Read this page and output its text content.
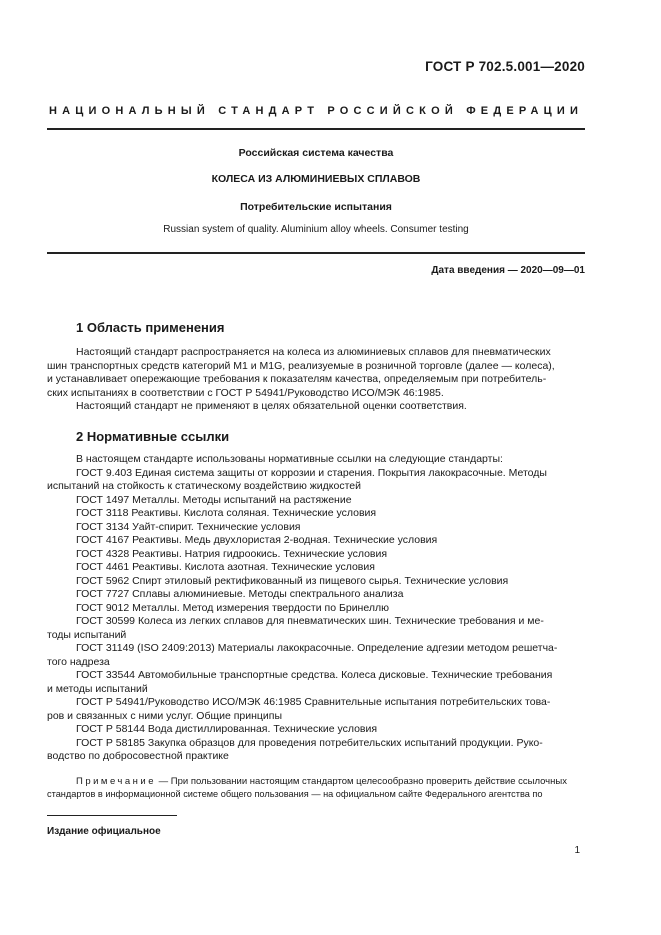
ГОСТ Р 702.5.001—2020
НАЦИОНАЛЬНЫЙ СТАНДАРТ РОССИЙСКОЙ ФЕДЕРАЦИИ
Российская система качества
КОЛЕСА ИЗ АЛЮМИНИЕВЫХ СПЛАВОВ
Потребительские испытания
Russian system of quality. Aluminium alloy wheels. Consumer testing
Дата введения — 2020—09—01
1 Область применения
Настоящий стандарт распространяется на колеса из алюминиевых сплавов для пневматических
шин транспортных средств категорий М1 и M1G, реализуемые в розничной торговле (далее — колеса),
и устанавливает опережающие требования к показателям качества, определяемым при потребитель-
ских испытаниях в соответствии с ГОСТ Р 54941/Руководство ИСО/МЭК 46:1985.
Настоящий стандарт не применяют в целях обязательной оценки соответствия.
2 Нормативные ссылки
В настоящем стандарте использованы нормативные ссылки на следующие стандарты:
ГОСТ 9.403 Единая система защиты от коррозии и старения. Покрытия лакокрасочные. Методы
испытаний на стойкость к статическому воздействию жидкостей
ГОСТ 1497 Металлы. Методы испытаний на растяжение
ГОСТ 3118 Реактивы. Кислота соляная. Технические условия
ГОСТ 3134 Уайт-спирит. Технические условия
ГОСТ 4167 Реактивы. Медь двухлористая 2-водная. Технические условия
ГОСТ 4328 Реактивы. Натрия гидроокись. Технические условия
ГОСТ 4461 Реактивы. Кислота азотная. Технические условия
ГОСТ 5962 Спирт этиловый ректификованный из пищевого сырья. Технические условия
ГОСТ 7727 Сплавы алюминиевые. Методы спектрального анализа
ГОСТ 9012 Металлы. Метод измерения твердости по Бринеллю
ГОСТ 30599 Колеса из легких сплавов для пневматических шин. Технические требования и ме-
тоды испытаний
ГОСТ 31149 (ISO 2409:2013) Материалы лакокрасочные. Определение адгезии методом решетча-
того надреза
ГОСТ 33544 Автомобильные транспортные средства. Колеса дисковые. Технические требования
и методы испытаний
ГОСТ Р 54941/Руководство ИСО/МЭК 46:1985 Сравнительные испытания потребительских това-
ров и связанных с ними услуг. Общие принципы
ГОСТ Р 58144 Вода дистиллированная. Технические условия
ГОСТ Р 58185 Закупка образцов для проведения потребительских испытаний продукции. Руко-
водство по добросовестной практике
Примечание — При пользовании настоящим стандартом целесообразно проверить действие ссылочных
стандартов в информационной системе общего пользования — на официальном сайте Федерального агентства по
Издание официальное
1
